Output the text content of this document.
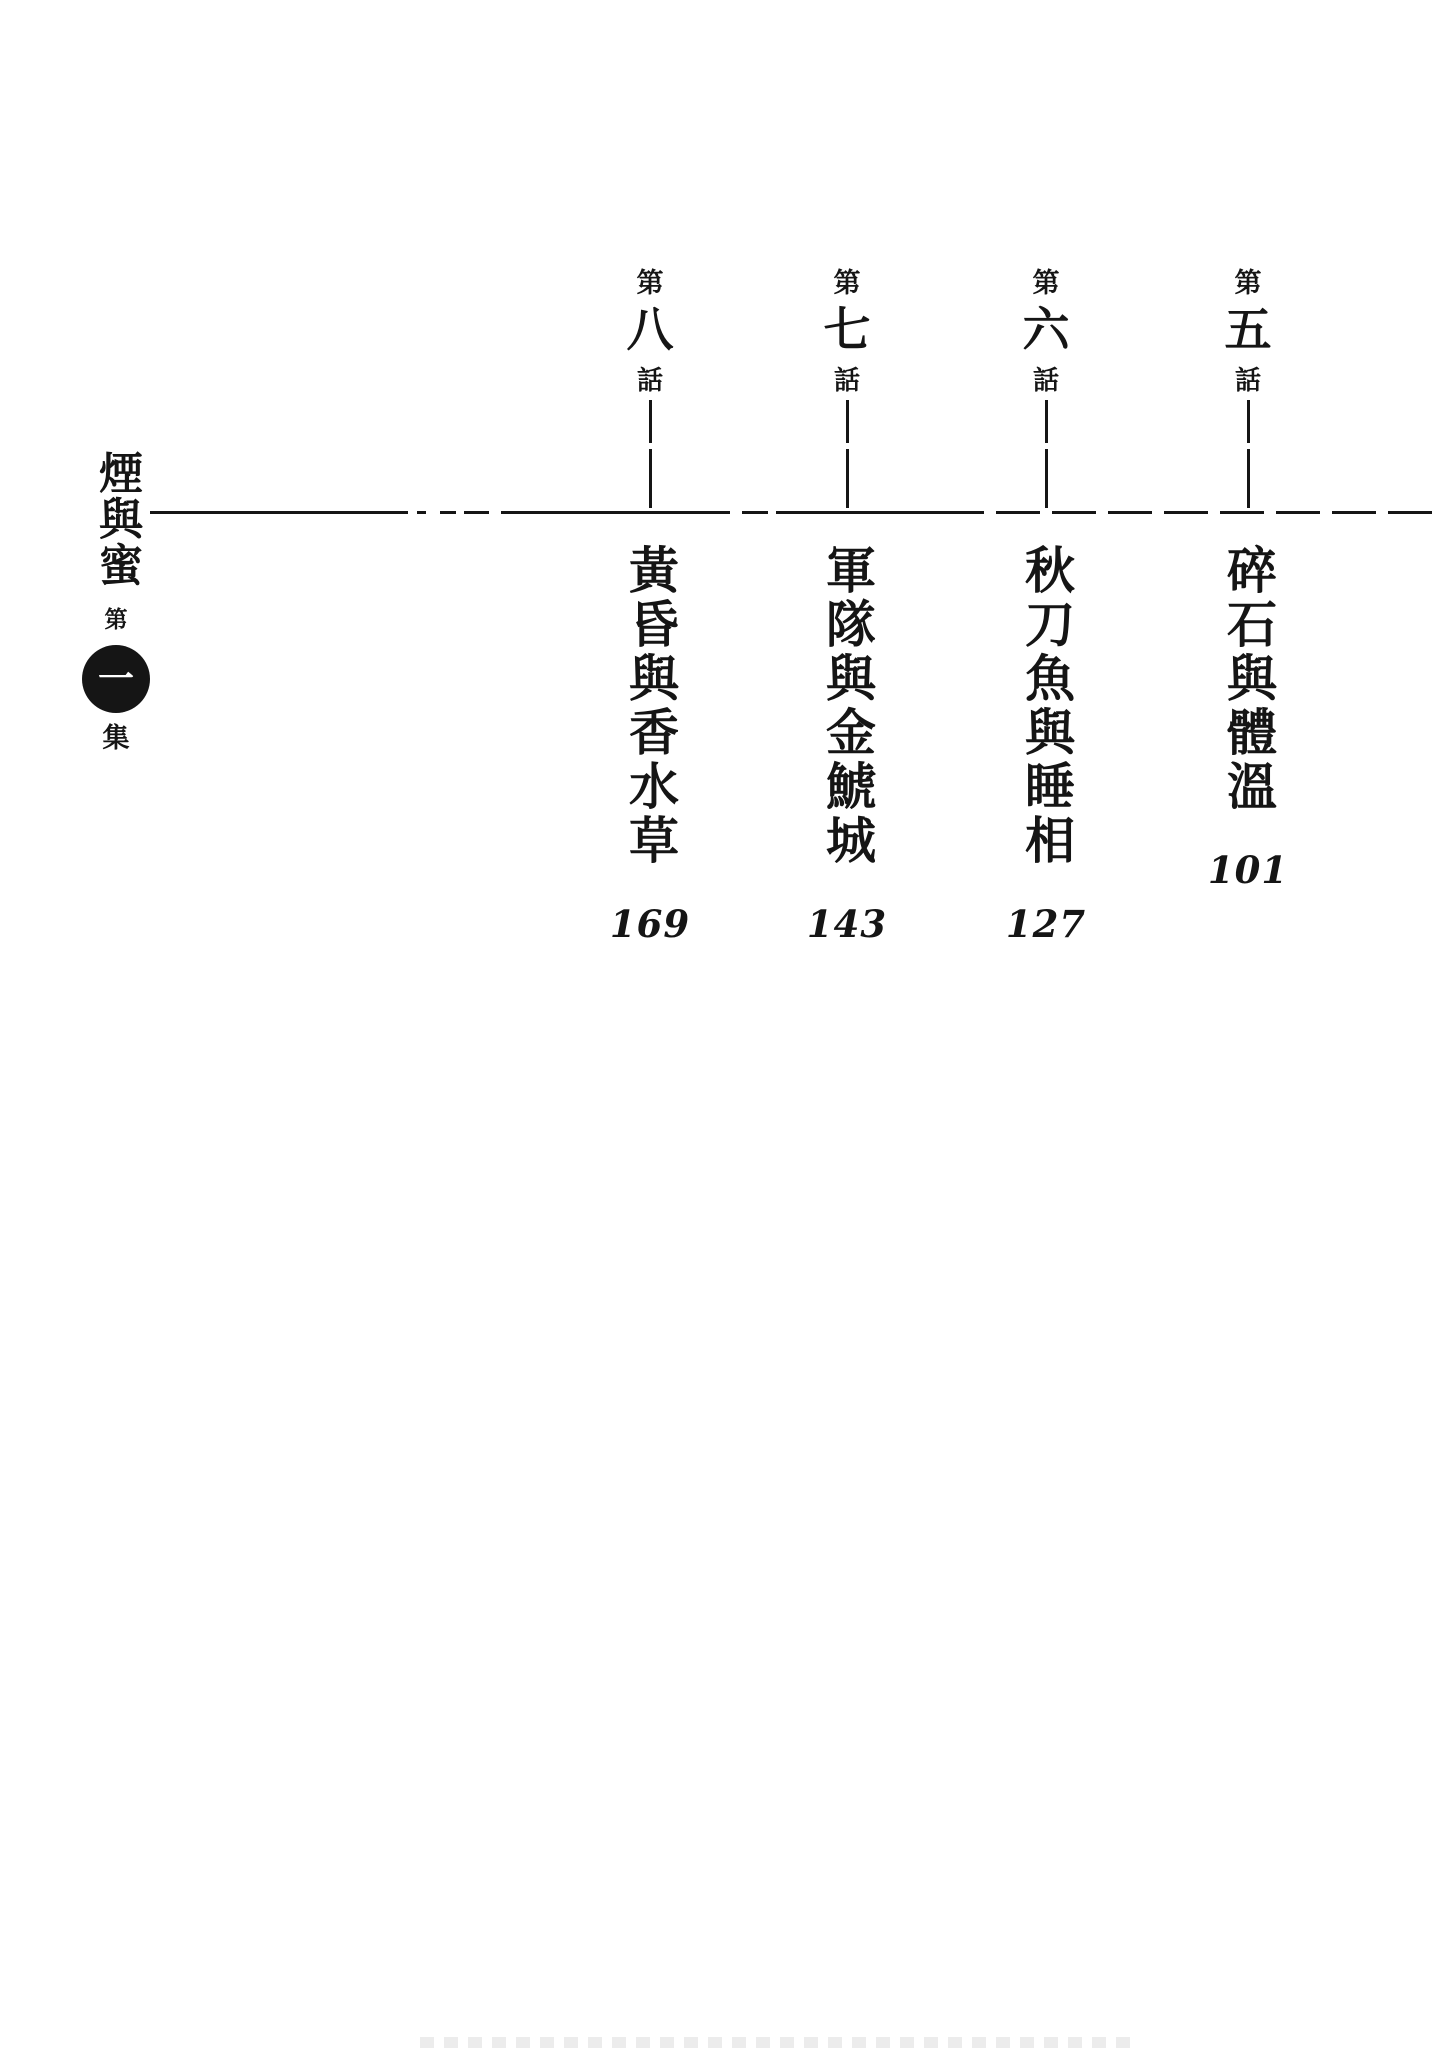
煙與蜜
第
一
集
第
八
話
黃昏與香水草
169
第
七
話
軍隊與金鯱城
143
第
六
話
秋刀魚與睡相
127
第
五
話
碎石與體溫
101
